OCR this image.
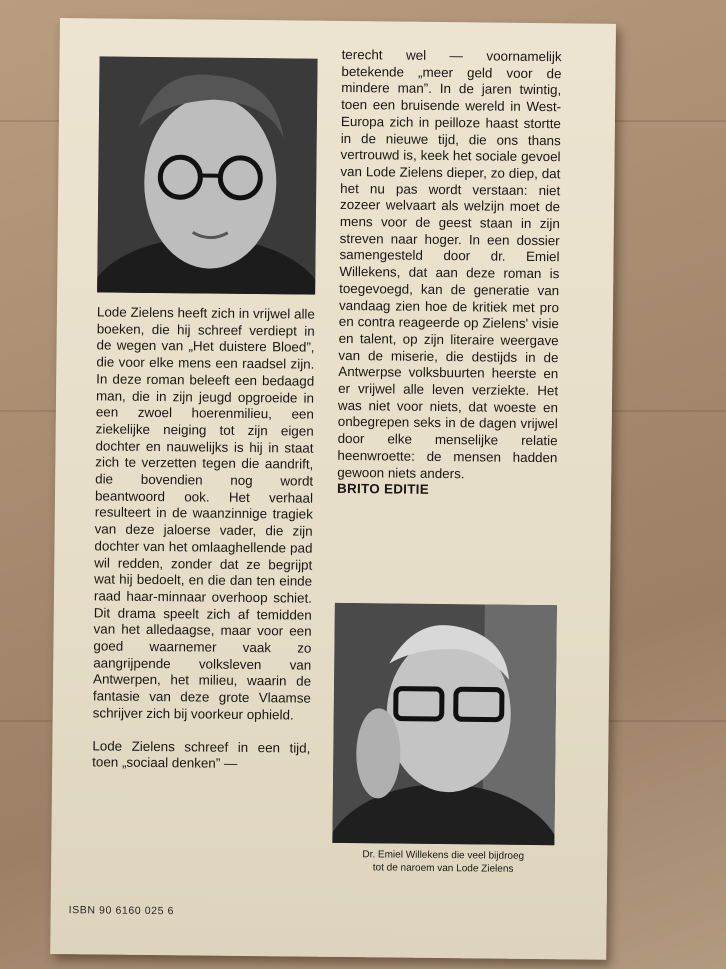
Lode Zielens heeft zich in vrijwel alle boeken, die hij schreef verdiept in de wegen van „Het duistere Bloed”, die voor elke mens een raadsel zijn. In deze roman beleeft een bedaagd man, die in zijn jeugd opgroeide in een zwoel hoerenmilieu, een ziekelijke neiging tot zijn eigen dochter en nauwelijks is hij in staat zich te verzetten tegen die aandrift, die bovendien nog wordt beantwoord ook. Het verhaal resulteert in de waanzinnige tragiek van deze jaloerse vader, die zijn dochter van het omlaaghellende pad wil redden, zonder dat ze begrijpt wat hij bedoelt, en die dan ten einde raad haar-minnaar overhoop schiet. Dit drama speelt zich af temidden van het alledaagse, maar voor een goed waarnemer vaak zo aangrijpende volksleven van Antwerpen, het milieu, waarin de fantasie van deze grote Vlaamse schrijver zich bij voorkeur ophield.

Lode Zielens schreef in een tijd, toen „sociaal denken” —

terecht wel — voornamelijk betekende „meer geld voor de mindere man”. In de jaren twintig, toen een bruisende wereld in West-Europa zich in peilloze haast stortte in de nieuwe tijd, die ons thans vertrouwd is, keek het sociale gevoel van Lode Zielens dieper, zo diep, dat het nu pas wordt verstaan: niet zozeer welvaart als welzijn moet de mens voor de geest staan in zijn streven naar hoger. In een dossier samengesteld door dr. Emiel Willekens, dat aan deze roman is toegevoegd, kan de generatie van vandaag zien hoe de kritiek met pro en contra reageerde op Zielens' visie en talent, op zijn literaire weergave van de miserie, die destijds in de Antwerpse volksbuurten heerste en er vrijwel alle leven verziekte. Het was niet voor niets, dat woeste en onbegrepen seks in de dagen vrijwel door elke menselijke relatie heenwroette: de mensen hadden gewoon niets anders.

BRITO EDITIE

Dr. Emiel Willekens die veel bijdroeg
tot de naroem van Lode Zielens
ISBN 90 6160 025 6
